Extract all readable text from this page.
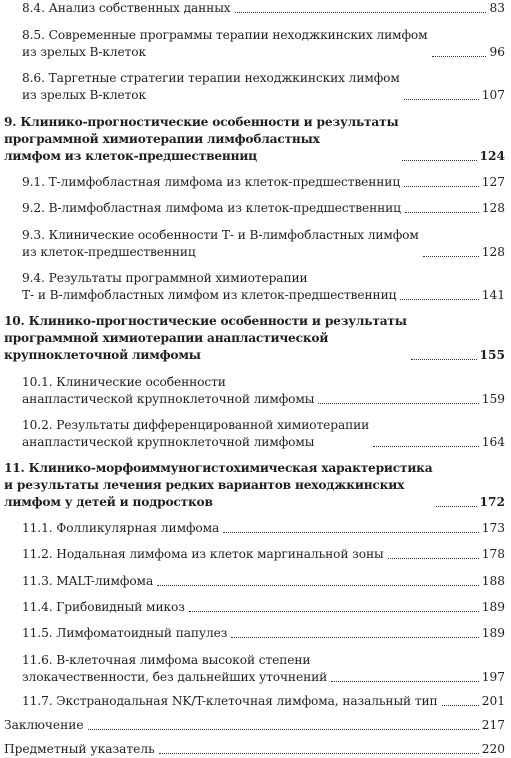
8.4. Анализ собственных данных	83
8.5. Современные программы терапии неходжкинских лимфом
из зрелых В-клеток	96
8.6. Таргетные стратегии терапии неходжкинских лимфом
из зрелых В-клеток	107
9. Клинико-прогностические особенности и результаты
программной химиотерапии лимфобластных
лимфом из клеток-предшественниц	124
9.1. Т-лимфобластная лимфома из клеток-предшественниц	127
9.2. В-лимфобластная лимфома из клеток-предшественниц	128
9.3. Клинические особенности Т- и В-лимфобластных лимфом
из клеток-предшественниц	128
9.4. Результаты программной химиотерапии
Т- и В-лимфобластных лимфом из клеток-предшественниц	141
10. Клинико-прогностические особенности и результаты
программной химиотерапии анапластической
крупноклеточной лимфомы	155
10.1. Клинические особенности
анапластической крупноклеточной лимфомы	159
10.2. Результаты дифференцированной химиотерапии
анапластической крупноклеточной лимфомы	164
11. Клинико-морфоиммуногистохимическая характеристика
и результаты лечения редких вариантов неходжкинских
лимфом у детей и подростков	172
11.1. Фолликулярная лимфома	173
11.2. Нодальная лимфома из клеток маргинальной зоны	178
11.3. MALT-лимфома	188
11.4. Грибовидный микоз	189
11.5. Лимфоматоидный папулез	189
11.6. В-клеточная лимфома высокой степени
злокачественности, без дальнейших уточнений	197
11.7. Экстранодальная NK/T-клеточная лимфома, назальный тип	201
Заключение	217
Предметный указатель	220
